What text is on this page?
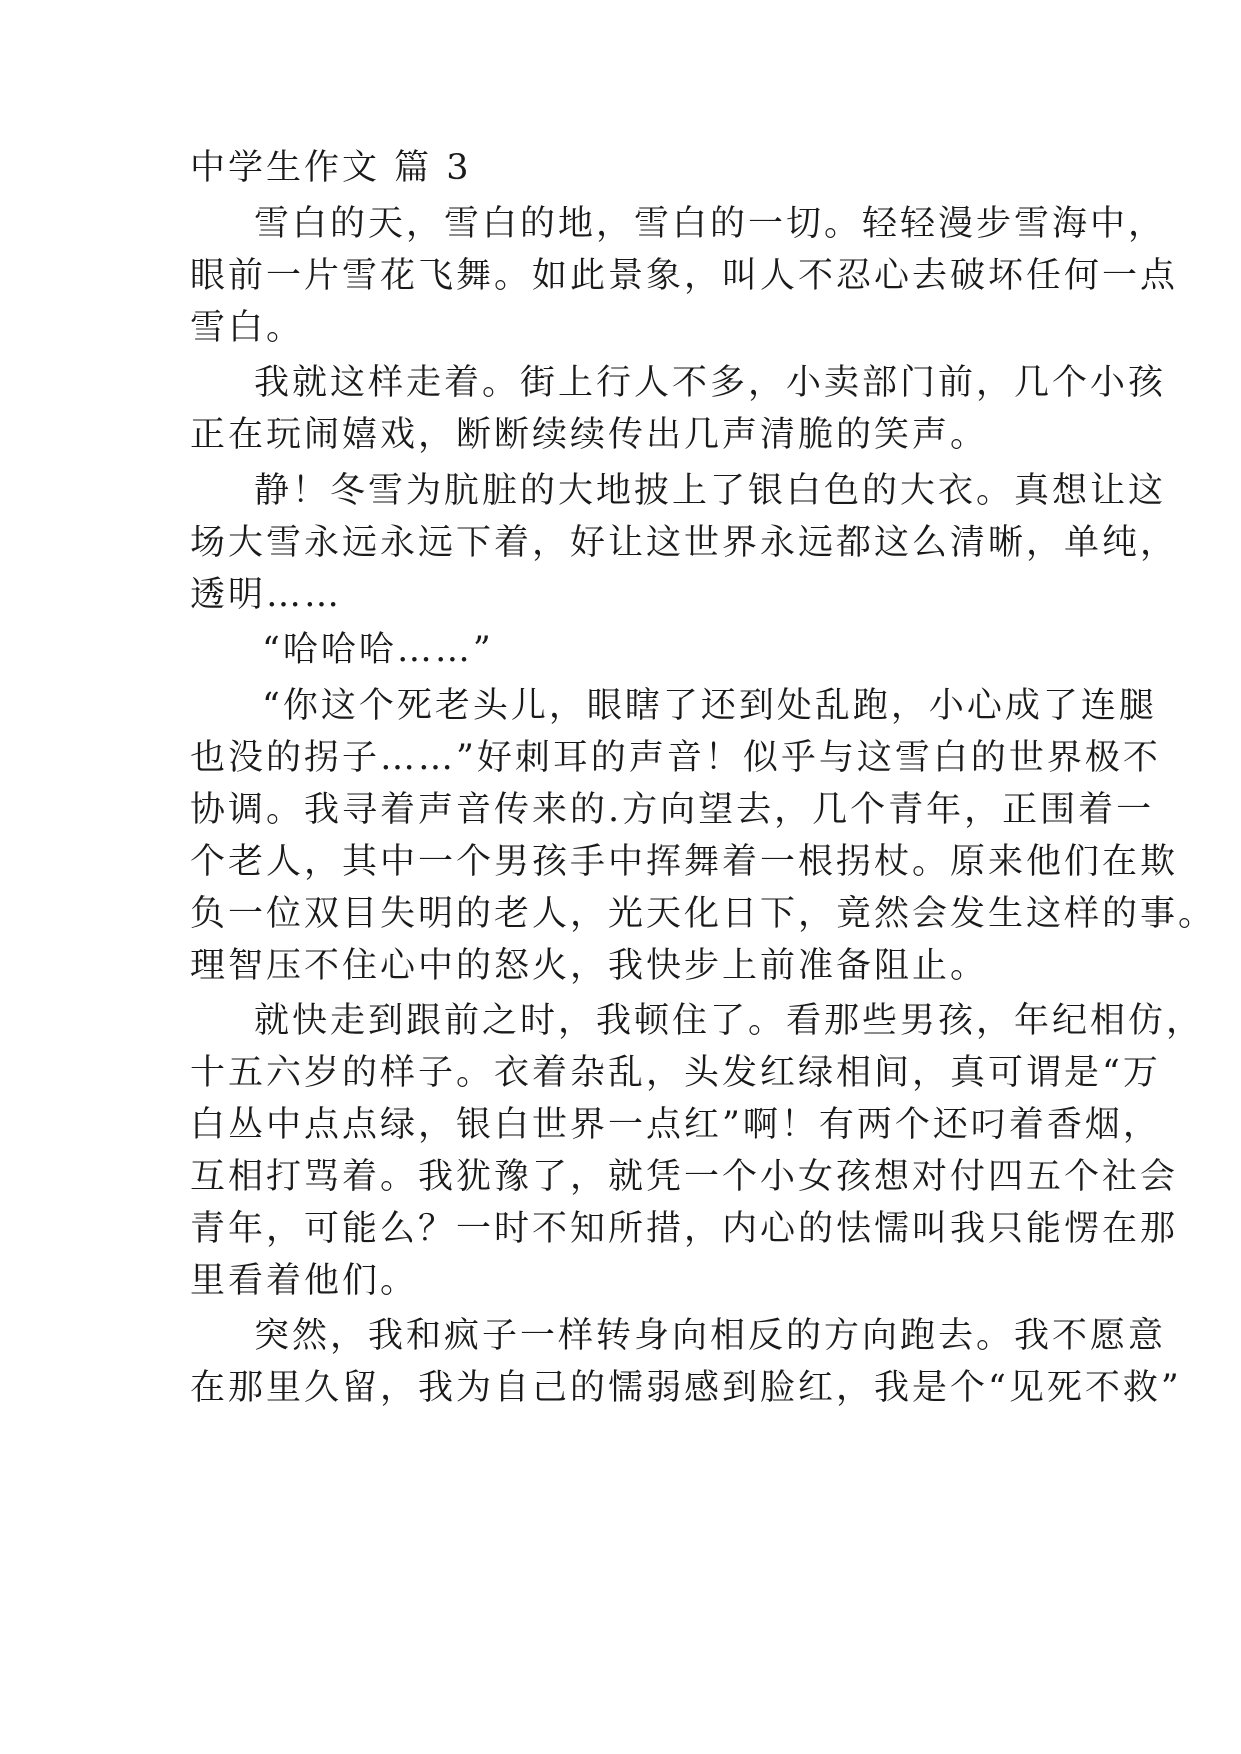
中学生作文 篇 3
雪白的天，雪白的地，雪白的一切。轻轻漫步雪海中，
眼前一片雪花飞舞。如此景象，叫人不忍心去破坏任何一点
雪白。
我就这样走着。街上行人不多，小卖部门前，几个小孩
正在玩闹嬉戏，断断续续传出几声清脆的笑声。
静！冬雪为肮脏的大地披上了银白色的大衣。真想让这
场大雪永远永远下着，好让这世界永远都这么清晰，单纯，
透明……
“哈哈哈……”
“你这个死老头儿，眼瞎了还到处乱跑，小心成了连腿
也没的拐子……”好刺耳的声音！似乎与这雪白的世界极不
协调。我寻着声音传来的.方向望去，几个青年，正围着一
个老人，其中一个男孩手中挥舞着一根拐杖。原来他们在欺
负一位双目失明的老人，光天化日下，竟然会发生这样的事。
理智压不住心中的怒火，我快步上前准备阻止。
就快走到跟前之时，我顿住了。看那些男孩，年纪相仿，
十五六岁的样子。衣着杂乱，头发红绿相间，真可谓是“万
白丛中点点绿，银白世界一点红”啊！有两个还叼着香烟，
互相打骂着。我犹豫了，就凭一个小女孩想对付四五个社会
青年，可能么？一时不知所措，内心的怯懦叫我只能愣在那
里看着他们。
突然，我和疯子一样转身向相反的方向跑去。我不愿意
在那里久留，我为自己的懦弱感到脸红，我是个“见死不救”
